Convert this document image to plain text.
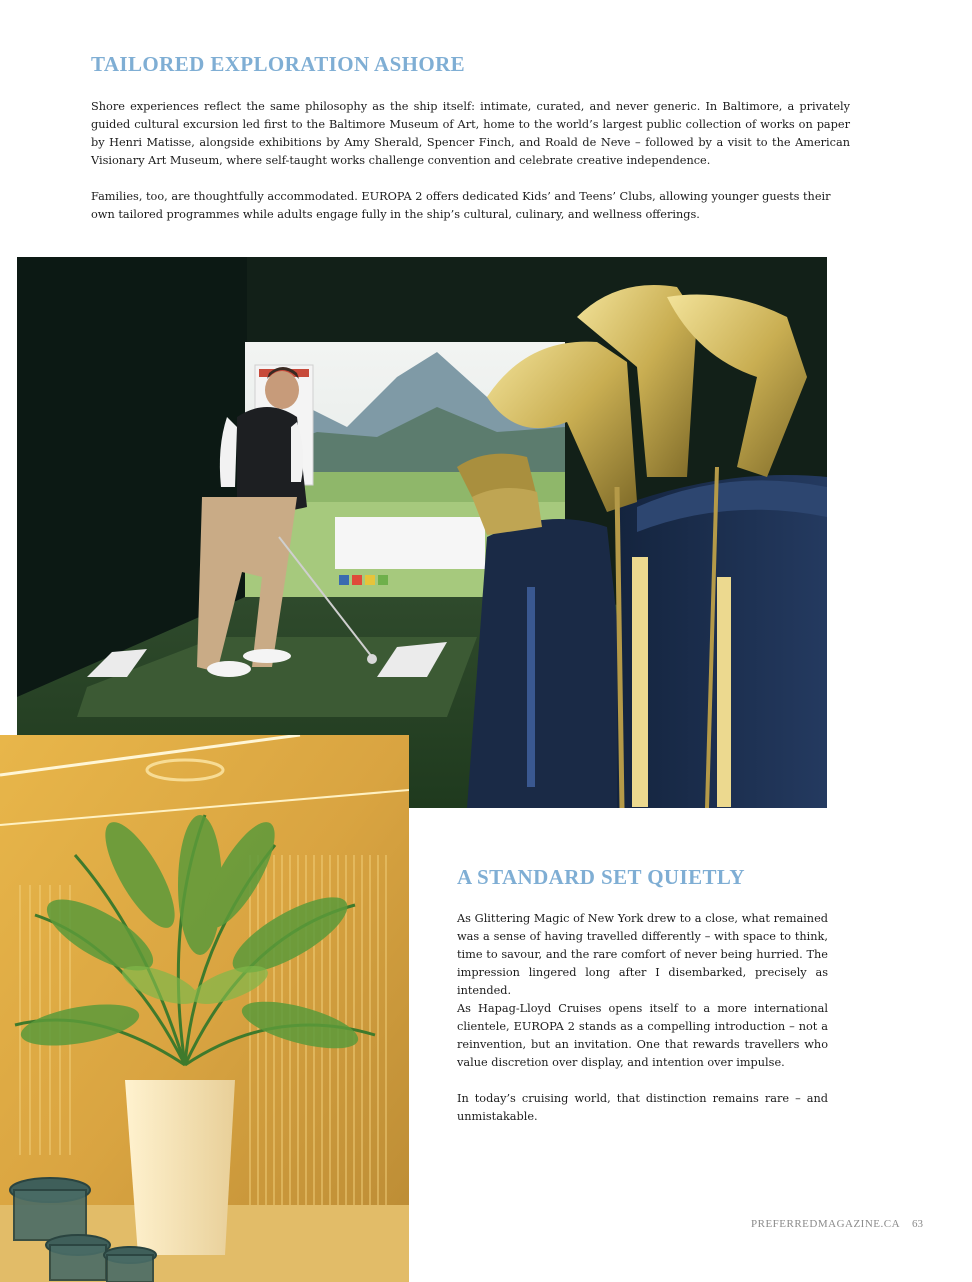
TAILORED EXPLORATION ASHORE

Shore experiences reflect the same philosophy as the ship itself: intimate, curated, and never generic. In Baltimore, a privately guided cultural excursion led first to the Baltimore Museum of Art, home to the world’s largest public collection of works on paper by Henri Matisse, alongside exhibitions by Amy Sherald, Spencer Finch, and Roald de Neve – followed by a visit to the American Visionary Art Museum, where self-taught works challenge convention and celebrate creative independence.

Families, too, are thoughtfully accommodated. EUROPA 2 offers dedicated Kids’ and Teens’ Clubs, allowing younger guests their own tailored programmes while adults engage fully in the ship’s cultural, culinary, and wellness offerings.

A STANDARD SET QUIETLY

As Glittering Magic of New York drew to a close, what remained was a sense of having travelled differently – with space to think, time to savour, and the rare comfort of never being hurried. The impression lingered long after I disembarked, precisely as intended.

As Hapag-Lloyd Cruises opens itself to a more international clientele, EUROPA 2 stands as a compelling introduction – not a reinvention, but an invitation. One that rewards travellers who value discretion over display, and intention over impulse.

In today’s cruising world, that distinction remains rare – and unmistakable.

PREFERREDMAGAZINE.CA 63
